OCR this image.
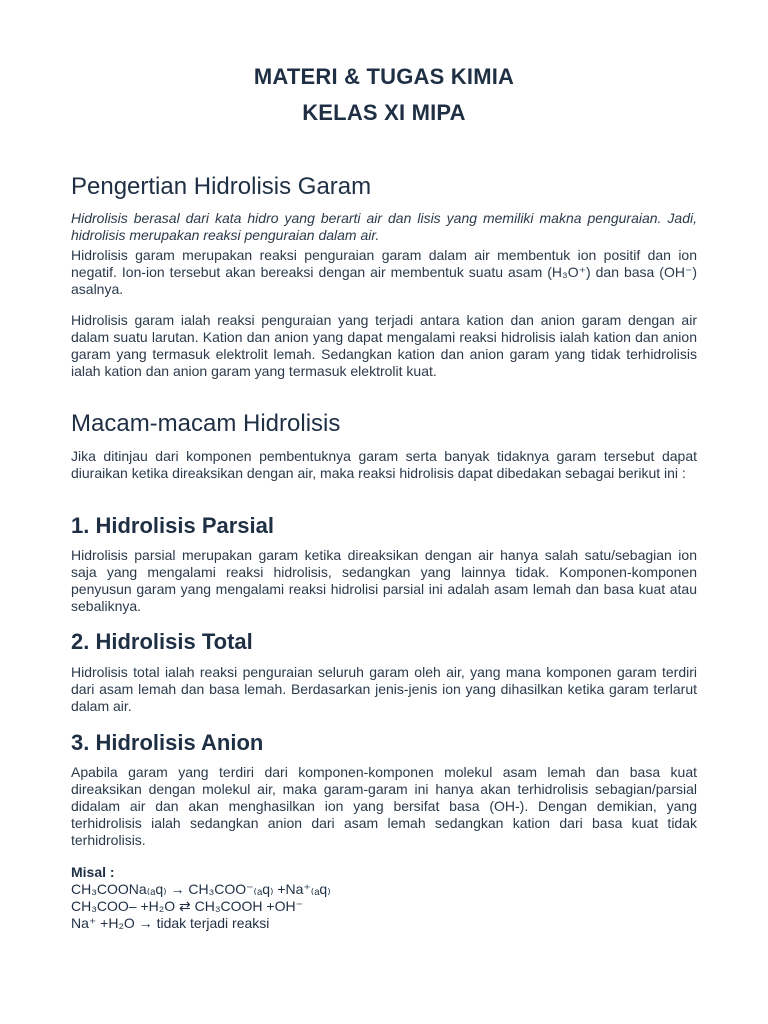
MATERI & TUGAS KIMIA
KELAS XI MIPA
Pengertian Hidrolisis Garam
Hidrolisis berasal dari kata hidro yang berarti air dan lisis yang memiliki makna penguraian. Jadi, hidrolisis merupakan reaksi penguraian dalam air.
Hidrolisis garam merupakan reaksi penguraian garam dalam air membentuk ion positif dan ion negatif. Ion-ion tersebut akan bereaksi dengan air membentuk suatu asam (H₃O⁺) dan basa (OH⁻) asalnya.
Hidrolisis garam ialah reaksi penguraian yang terjadi antara kation dan anion garam dengan air dalam suatu larutan. Kation dan anion yang dapat mengalami reaksi hidrolisis ialah kation dan anion garam yang termasuk elektrolit lemah. Sedangkan kation dan anion garam yang tidak terhidrolisis ialah kation dan anion garam yang termasuk elektrolit kuat.
Macam-macam Hidrolisis
Jika ditinjau dari komponen pembentuknya garam serta banyak tidaknya garam tersebut dapat diuraikan ketika direaksikan dengan air, maka reaksi hidrolisis dapat dibedakan sebagai berikut ini :
1. Hidrolisis Parsial
Hidrolisis parsial merupakan garam ketika direaksikan dengan air hanya salah satu/sebagian ion saja yang mengalami reaksi hidrolisis, sedangkan yang lainnya tidak. Komponen-komponen penyusun garam yang mengalami reaksi hidrolisi parsial ini adalah asam lemah dan basa kuat atau sebaliknya.
2. Hidrolisis Total
Hidrolisis total ialah reaksi penguraian seluruh garam oleh air, yang mana komponen garam terdiri dari asam lemah dan basa lemah. Berdasarkan jenis-jenis ion yang dihasilkan ketika garam terlarut dalam air.
3. Hidrolisis Anion
Apabila garam yang terdiri dari komponen-komponen molekul asam lemah dan basa kuat direaksikan dengan molekul air, maka garam-garam ini hanya akan terhidrolisis sebagian/parsial didalam air dan akan menghasilkan ion yang bersifat basa (OH-). Dengan demikian, yang terhidrolisis ialah sedangkan anion dari asam lemah sedangkan kation dari basa kuat tidak terhidrolisis.
Misal :
CH₃COONa₍ₐq₎ → CH₃COO⁻₍ₐq₎ +Na⁺₍ₐq₎
CH₃COO– +H₂O ⇄ CH₃COOH +OH⁻
Na⁺ +H₂O → tidak terjadi reaksi
